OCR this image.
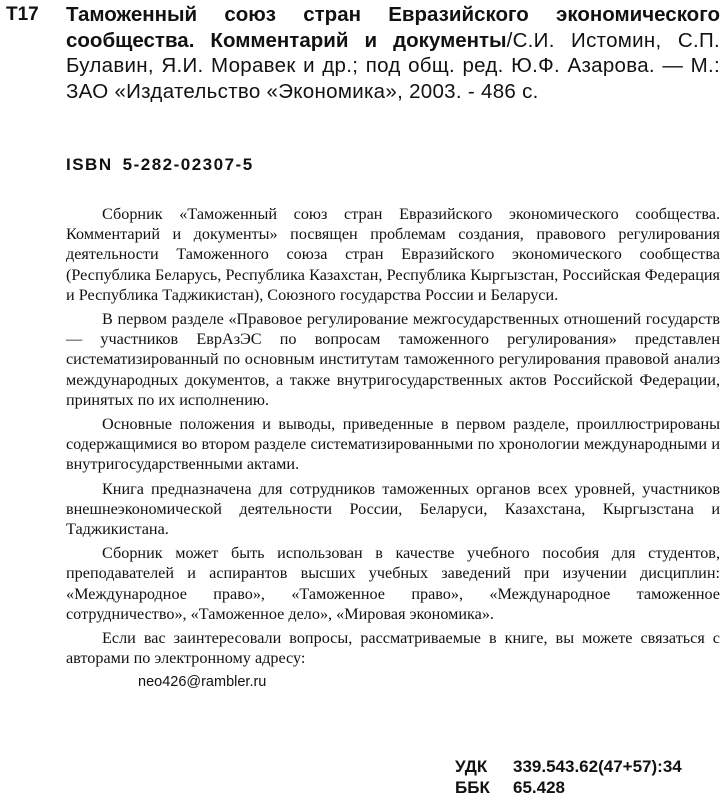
Т17 Таможенный союз стран Евразийского экономического сообщества. Комментарий и документы/С.И. Истомин, С.П. Булавин, Я.И. Моравек и др.; под общ. ред. Ю.Ф. Азарова. — М.: ЗАО «Издательство «Экономика», 2003. - 486 с.
ISBN 5-282-02307-5

Сборник «Таможенный союз стран Евразийского экономического сообщества. Комментарий и документы» посвящен проблемам создания, правового регулирования деятельности Таможенного союза стран Евразийского экономического сообщества (Республика Беларусь, Республика Казахстан, Республика Кыргызстан, Российская Федерация и Республика Таджикистан), Союзного государства России и Беларуси.

В первом разделе «Правовое регулирование межгосударственных отношений государств — участников ЕврАзЭС по вопросам таможенного регулирования» представлен систематизированный по основным институтам таможенного регулирования правовой анализ международных документов, а также внутригосударственных актов Российской Федерации, принятых по их исполнению.

Основные положения и выводы, приведенные в первом разделе, проиллюстрированы содержащимися во втором разделе систематизированными по хронологии международными и внутригосударственными актами.

Книга предназначена для сотрудников таможенных органов всех уровней, участников внешнеэкономической деятельности России, Беларуси, Казахстана, Кыргызстана и Таджикистана.

Сборник может быть использован в качестве учебного пособия для студентов, преподавателей и аспирантов высших учебных заведений при изучении дисциплин: «Международное право», «Таможенное право», «Международное таможенное сотрудничество», «Таможенное дело», «Мировая экономика».

Если вас заинтересовали вопросы, рассматриваемые в книге, вы можете связаться с авторами по электронному адресу:

neo426@rambler.ru

УДК 339.543.62(47+57):34
ББК 65.428
